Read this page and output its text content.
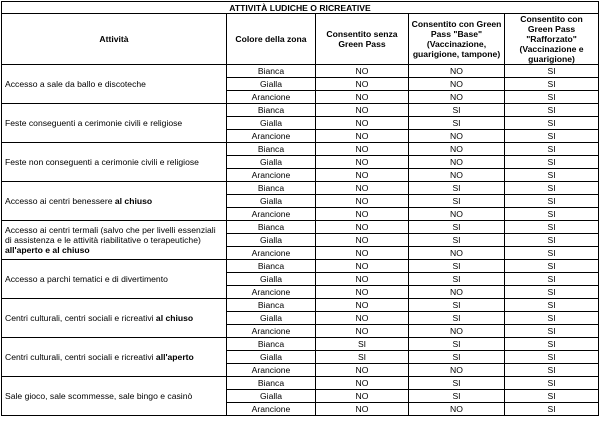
ATTIVITÀ LUDICHE O RICREATIVE				
Attività	Colore della zona	Consentito senza Green Pass	Consentito con Green Pass "Base" (Vaccinazione, guarigione, tampone)	Consentito con Green Pass "Rafforzato" (Vaccinazione e guarigione)
Accesso a sale da ballo e discoteche	Bianca	NO	NO	SI
	Gialla	NO	NO	SI
	Arancione	NO	NO	SI
Feste conseguenti a cerimonie civili e religiose	Bianca	NO	SI	SI
	Gialla	NO	SI	SI
	Arancione	NO	NO	SI
Feste non conseguenti a cerimonie civili e religiose	Bianca	NO	NO	SI
	Gialla	NO	NO	SI
	Arancione	NO	NO	SI
Accesso ai centri benessere al chiuso	Bianca	NO	SI	SI
	Gialla	NO	SI	SI
	Arancione	NO	NO	SI
Accesso ai centri termali (salvo che per livelli essenziali di assistenza e le attività riabilitative o terapeutiche) all'aperto e al chiuso	Bianca	NO	SI	SI
	Gialla	NO	SI	SI
	Arancione	NO	NO	SI
Accesso a parchi tematici e di divertimento	Bianca	NO	SI	SI
	Gialla	NO	SI	SI
	Arancione	NO	NO	SI
Centri culturali, centri sociali e ricreativi al chiuso	Bianca	NO	SI	SI
	Gialla	NO	SI	SI
	Arancione	NO	NO	SI
Centri culturali, centri sociali e ricreativi all'aperto	Bianca	SI	SI	SI
	Gialla	SI	SI	SI
	Arancione	NO	NO	SI
Sale gioco, sale scommesse, sale bingo e casinò	Bianca	NO	SI	SI
	Gialla	NO	SI	SI
	Arancione	NO	NO	SI
